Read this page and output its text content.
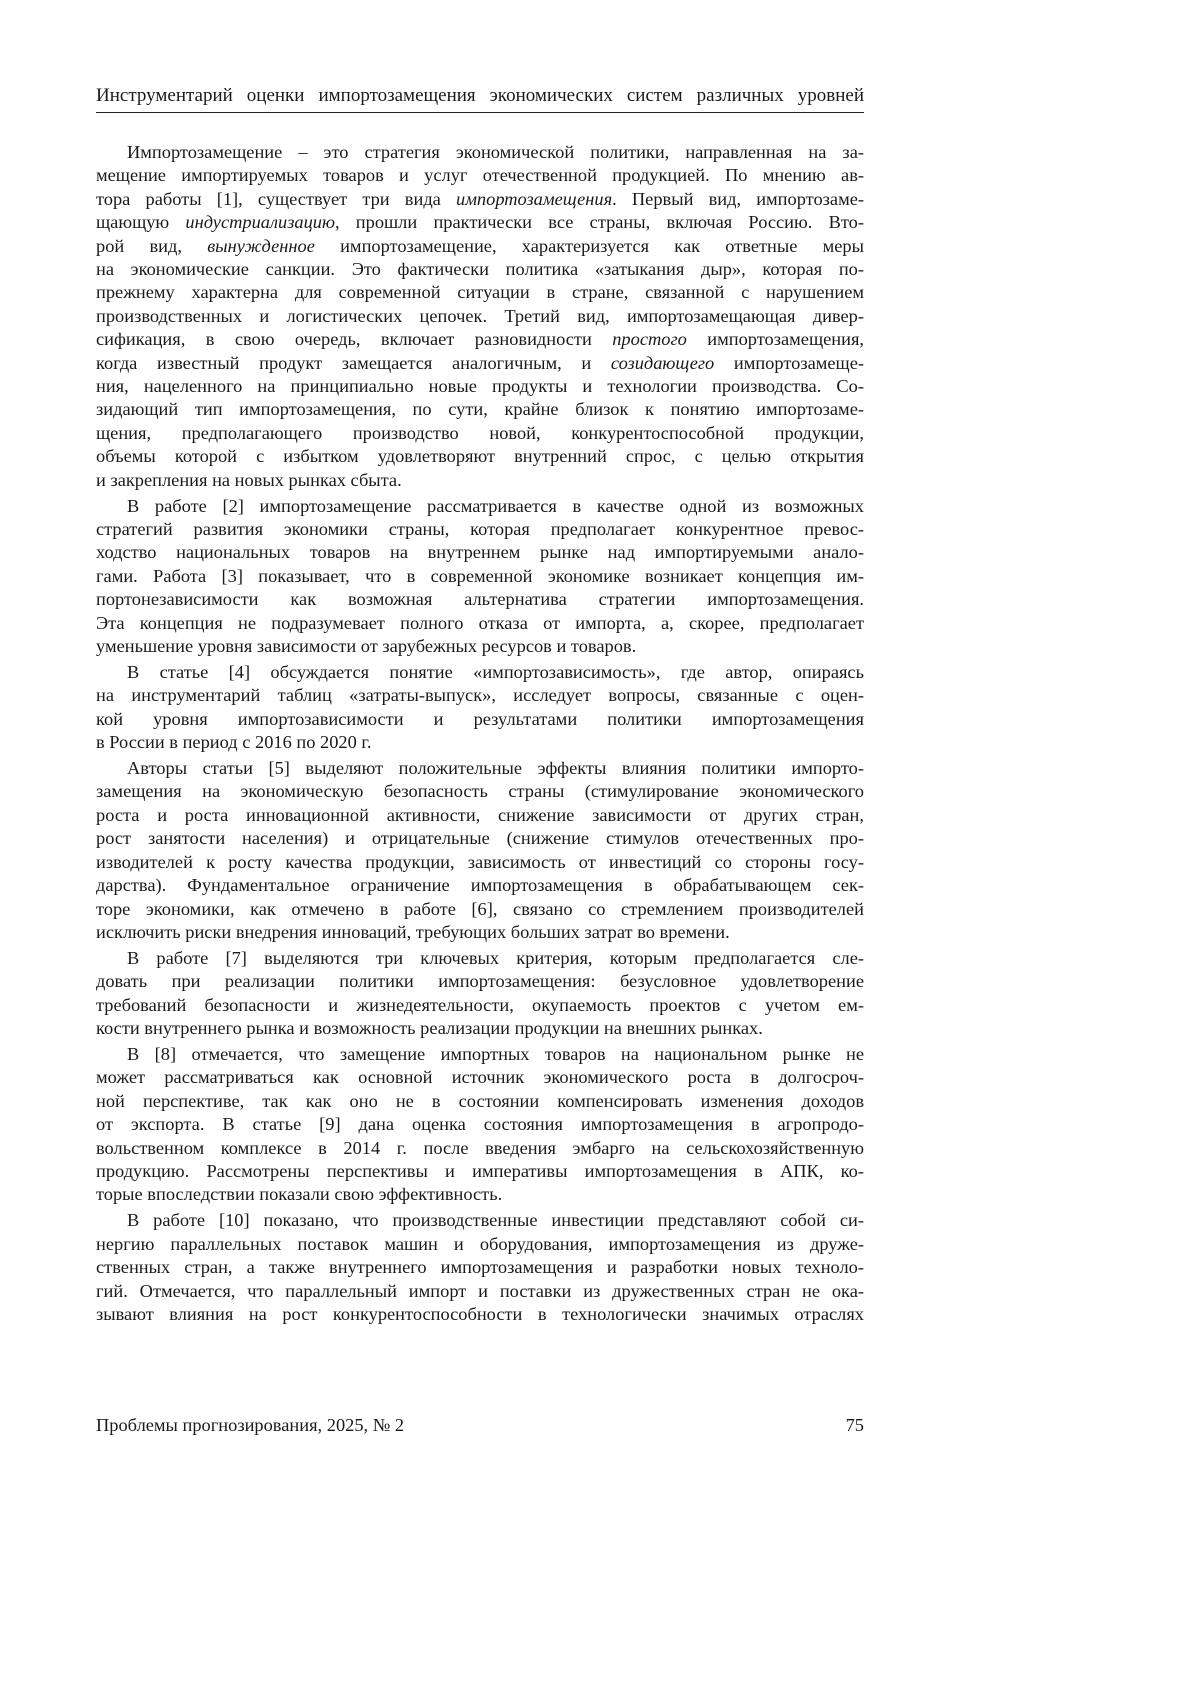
Инструментарий оценки импортозамещения экономических систем различных уровней
Импортозамещение – это стратегия экономической политики, направленная на за-
мещение импортируемых товаров и услуг отечественной продукцией. По мнению ав-
тора работы [1], существует три вида импортозамещения. Первый вид, импортозаме-
щающую индустриализацию, прошли практически все страны, включая Россию. Вто-
рой вид, вынужденное импортозамещение, характеризуется как ответные меры
на экономические санкции. Это фактически политика «затыкания дыр», которая по-
прежнему характерна для современной ситуации в стране, связанной с нарушением
производственных и логистических цепочек. Третий вид, импортозамещающая дивер-
сификация, в свою очередь, включает разновидности простого импортозамещения,
когда известный продукт замещается аналогичным, и созидающего импортозамеще-
ния, нацеленного на принципиально новые продукты и технологии производства. Со-
зидающий тип импортозамещения, по сути, крайне близок к понятию импортозаме-
щения, предполагающего производство новой, конкурентоспособной продукции,
объемы которой с избытком удовлетворяют внутренний спрос, с целью открытия
и закрепления на новых рынках сбыта.
В работе [2] импортозамещение рассматривается в качестве одной из возможных
стратегий развития экономики страны, которая предполагает конкурентное превос-
ходство национальных товаров на внутреннем рынке над импортируемыми анало-
гами. Работа [3] показывает, что в современной экономике возникает концепция им-
портонезависимости как возможная альтернатива стратегии импортозамещения.
Эта концепция не подразумевает полного отказа от импорта, а, скорее, предполагает
уменьшение уровня зависимости от зарубежных ресурсов и товаров.
В статье [4] обсуждается понятие «импортозависимость», где автор, опираясь
на инструментарий таблиц «затраты-выпуск», исследует вопросы, связанные с оцен-
кой уровня импортозависимости и результатами политики импортозамещения
в России в период с 2016 по 2020 г.
Авторы статьи [5] выделяют положительные эффекты влияния политики импорто-
замещения на экономическую безопасность страны (стимулирование экономического
роста и роста инновационной активности, снижение зависимости от других стран,
рост занятости населения) и отрицательные (снижение стимулов отечественных про-
изводителей к росту качества продукции, зависимость от инвестиций со стороны госу-
дарства). Фундаментальное ограничение импортозамещения в обрабатывающем сек-
торе экономики, как отмечено в работе [6], связано со стремлением производителей
исключить риски внедрения инноваций, требующих больших затрат во времени.
В работе [7] выделяются три ключевых критерия, которым предполагается сле-
довать при реализации политики импортозамещения: безусловное удовлетворение
требований безопасности и жизнедеятельности, окупаемость проектов с учетом ем-
кости внутреннего рынка и возможность реализации продукции на внешних рынках.
В [8] отмечается, что замещение импортных товаров на национальном рынке не
может рассматриваться как основной источник экономического роста в долгосроч-
ной перспективе, так как оно не в состоянии компенсировать изменения доходов
от экспорта. В статье [9] дана оценка состояния импортозамещения в агропродо-
вольственном комплексе в 2014 г. после введения эмбарго на сельскохозяйственную
продукцию. Рассмотрены перспективы и императивы импортозамещения в АПК, ко-
торые впоследствии показали свою эффективность.
В работе [10] показано, что производственные инвестиции представляют собой си-
нергию параллельных поставок машин и оборудования, импортозамещения из друже-
ственных стран, а также внутреннего импортозамещения и разработки новых техноло-
гий. Отмечается, что параллельный импорт и поставки из дружественных стран не ока-
зывают влияния на рост конкурентоспособности в технологически значимых отраслях
Проблемы прогнозирования, 2025, № 2	75
